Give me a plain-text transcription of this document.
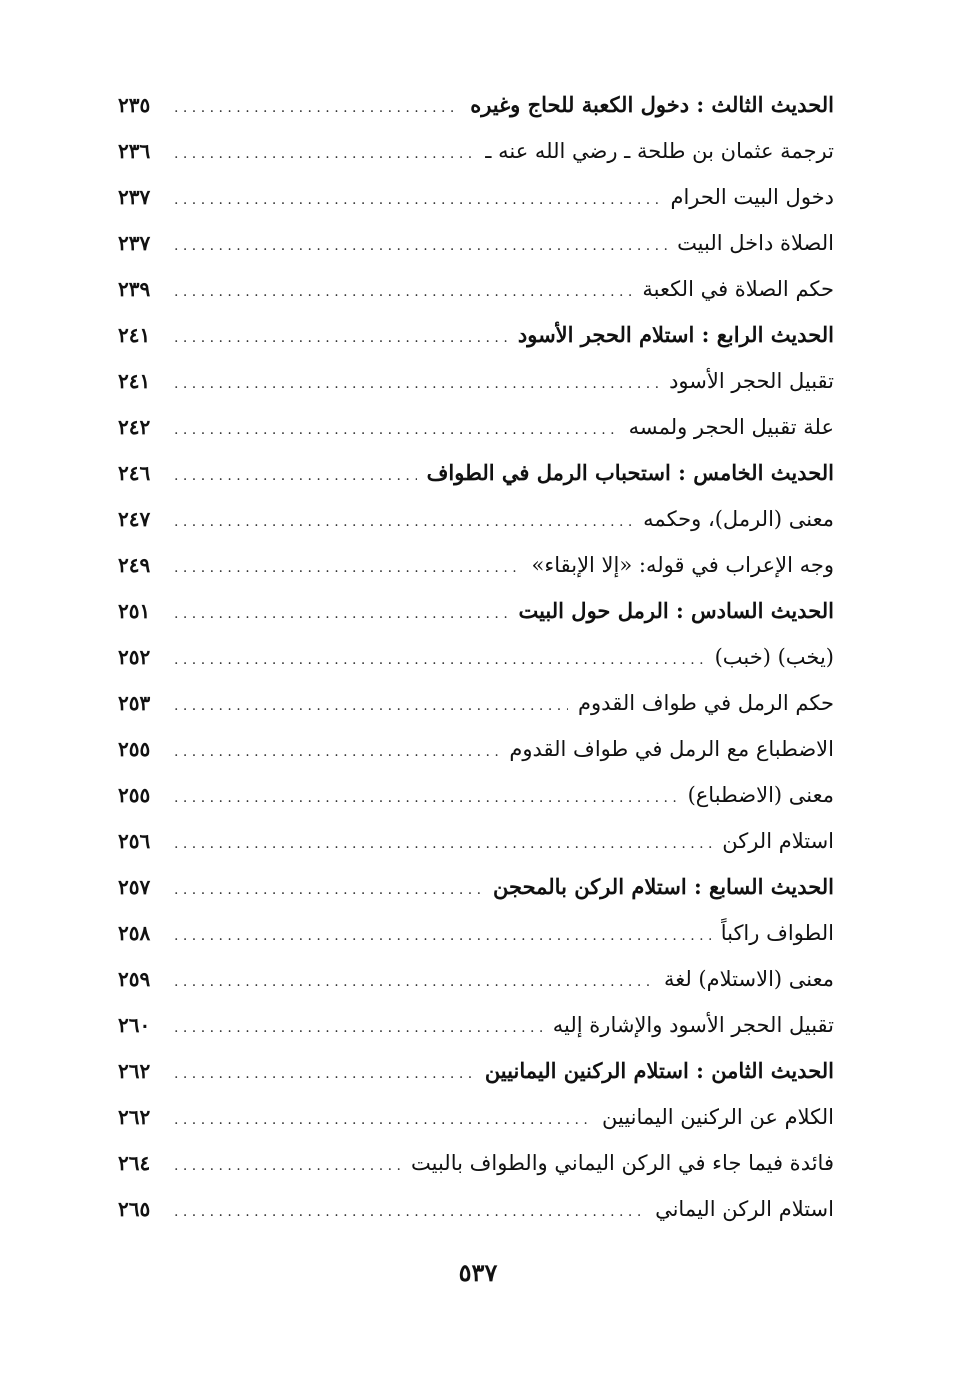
الحديث الثالث : دخول الكعبة للحاج وغيره
. . .
٢٣٥
ترجمة عثمان بن طلحة ـ رضي الله عنه ـ
. . .
٢٣٦
دخول البيت الحرام
. . .
٢٣٧
الصلاة داخل البيت
. . .
٢٣٧
حكم الصلاة في الكعبة
. . .
٢٣٩
الحديث الرابع : استلام الحجر الأسود
. . .
٢٤١
تقبيل الحجر الأسود
. . .
٢٤١
علة تقبيل الحجر ولمسه
. . .
٢٤٢
الحديث الخامس : استحباب الرمل في الطواف
. . .
٢٤٦
معنى (الرمل)، وحكمه
. . .
٢٤٧
وجه الإعراب في قوله: «إلا الإبقاء»
. . .
٢٤٩
الحديث السادس : الرمل حول البيت
. . .
٢٥١
(يخب) (خبب)
. . .
٢٥٢
حكم الرمل في طواف القدوم
. . .
٢٥٣
الاضطباع مع الرمل في طواف القدوم
. . .
٢٥٥
معنى (الاضطباع)
. . .
٢٥٥
استلام الركن
. . .
٢٥٦
الحديث السابع : استلام الركن بالمحجن
. . .
٢٥٧
الطواف راكباً
. . .
٢٥٨
معنى (الاستلام) لغة
. . .
٢٥٩
تقبيل الحجر الأسود والإشارة إليه
. . .
٢٦٠
الحديث الثامن : استلام الركنين اليمانيين
. . .
٢٦٢
الكلام عن الركنين اليمانيين
. . .
٢٦٢
فائدة فيما جاء في الركن اليماني والطواف بالبيت
. . .
٢٦٤
استلام الركن اليماني
. . .
٢٦٥
٥٣٧
